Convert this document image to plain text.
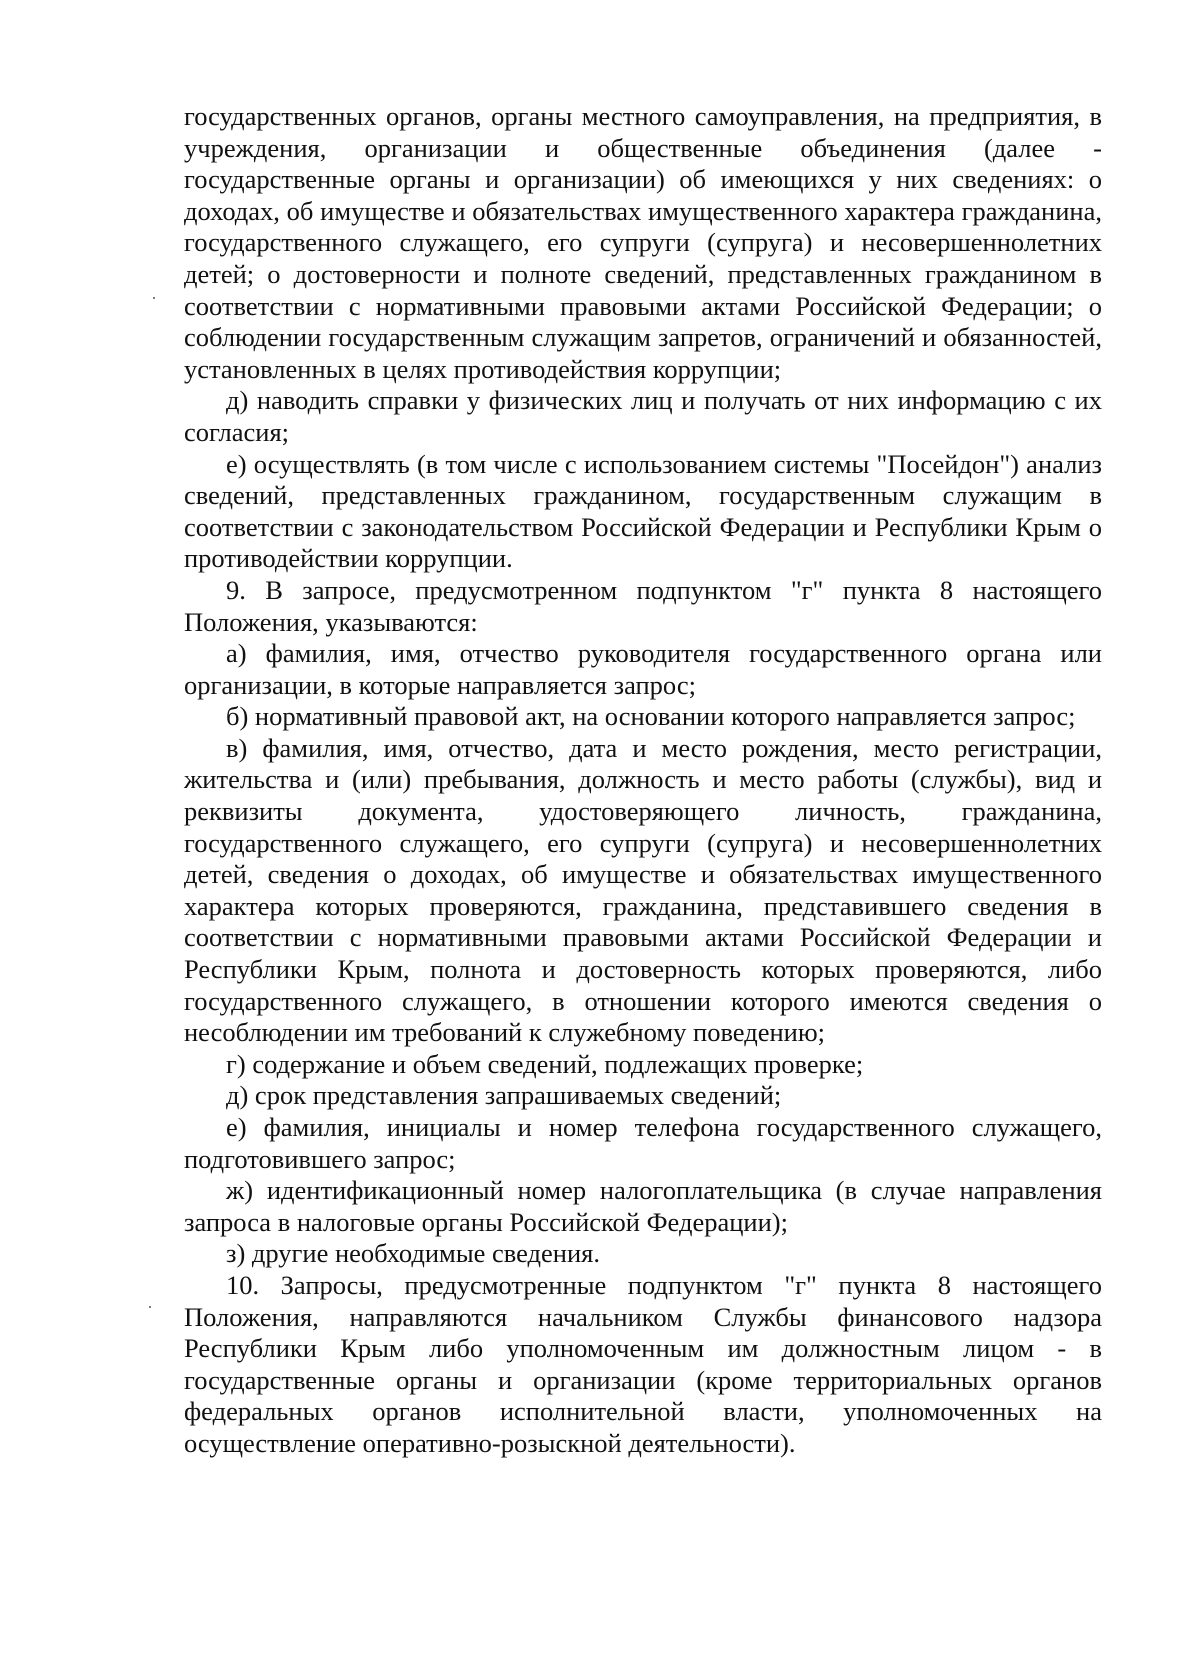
государственных органов, органы местного самоуправления, на предприятия, в учреждения, организации и общественные объединения (далее - государственные органы и организации) об имеющихся у них сведениях: о доходах, об имуществе и обязательствах имущественного характера гражданина, государственного служащего, его супруги (супруга) и несовершеннолетних детей; о достоверности и полноте сведений, представленных гражданином в соответствии с нормативными правовыми актами Российской Федерации; о соблюдении государственным служащим запретов, ограничений и обязанностей, установленных в целях противодействия коррупции;

д) наводить справки у физических лиц и получать от них информацию с их согласия;

е) осуществлять (в том числе с использованием системы "Посейдон") анализ сведений, представленных гражданином, государственным служащим в соответствии с законодательством Российской Федерации и Республики Крым о противодействии коррупции.

9. В запросе, предусмотренном подпунктом "г" пункта 8 настоящего Положения, указываются:

а) фамилия, имя, отчество руководителя государственного органа или организации, в которые направляется запрос;

б) нормативный правовой акт, на основании которого направляется запрос;

в) фамилия, имя, отчество, дата и место рождения, место регистрации, жительства и (или) пребывания, должность и место работы (службы), вид и реквизиты документа, удостоверяющего личность, гражданина, государственного служащего, его супруги (супруга) и несовершеннолетних детей, сведения о доходах, об имуществе и обязательствах имущественного характера которых проверяются, гражданина, представившего сведения в соответствии с нормативными правовыми актами Российской Федерации и Республики Крым, полнота и достоверность которых проверяются, либо государственного служащего, в отношении которого имеются сведения о несоблюдении им требований к служебному поведению;

г) содержание и объем сведений, подлежащих проверке;

д) срок представления запрашиваемых сведений;

е) фамилия, инициалы и номер телефона государственного служащего, подготовившего запрос;

ж) идентификационный номер налогоплательщика (в случае направления запроса в налоговые органы Российской Федерации);

з) другие необходимые сведения.

10. Запросы, предусмотренные подпунктом "г" пункта 8 настоящего Положения, направляются начальником Службы финансового надзора Республики Крым либо уполномоченным им должностным лицом - в государственные органы и организации (кроме территориальных органов федеральных органов исполнительной власти, уполномоченных на осуществление оперативно-розыскной деятельности).
